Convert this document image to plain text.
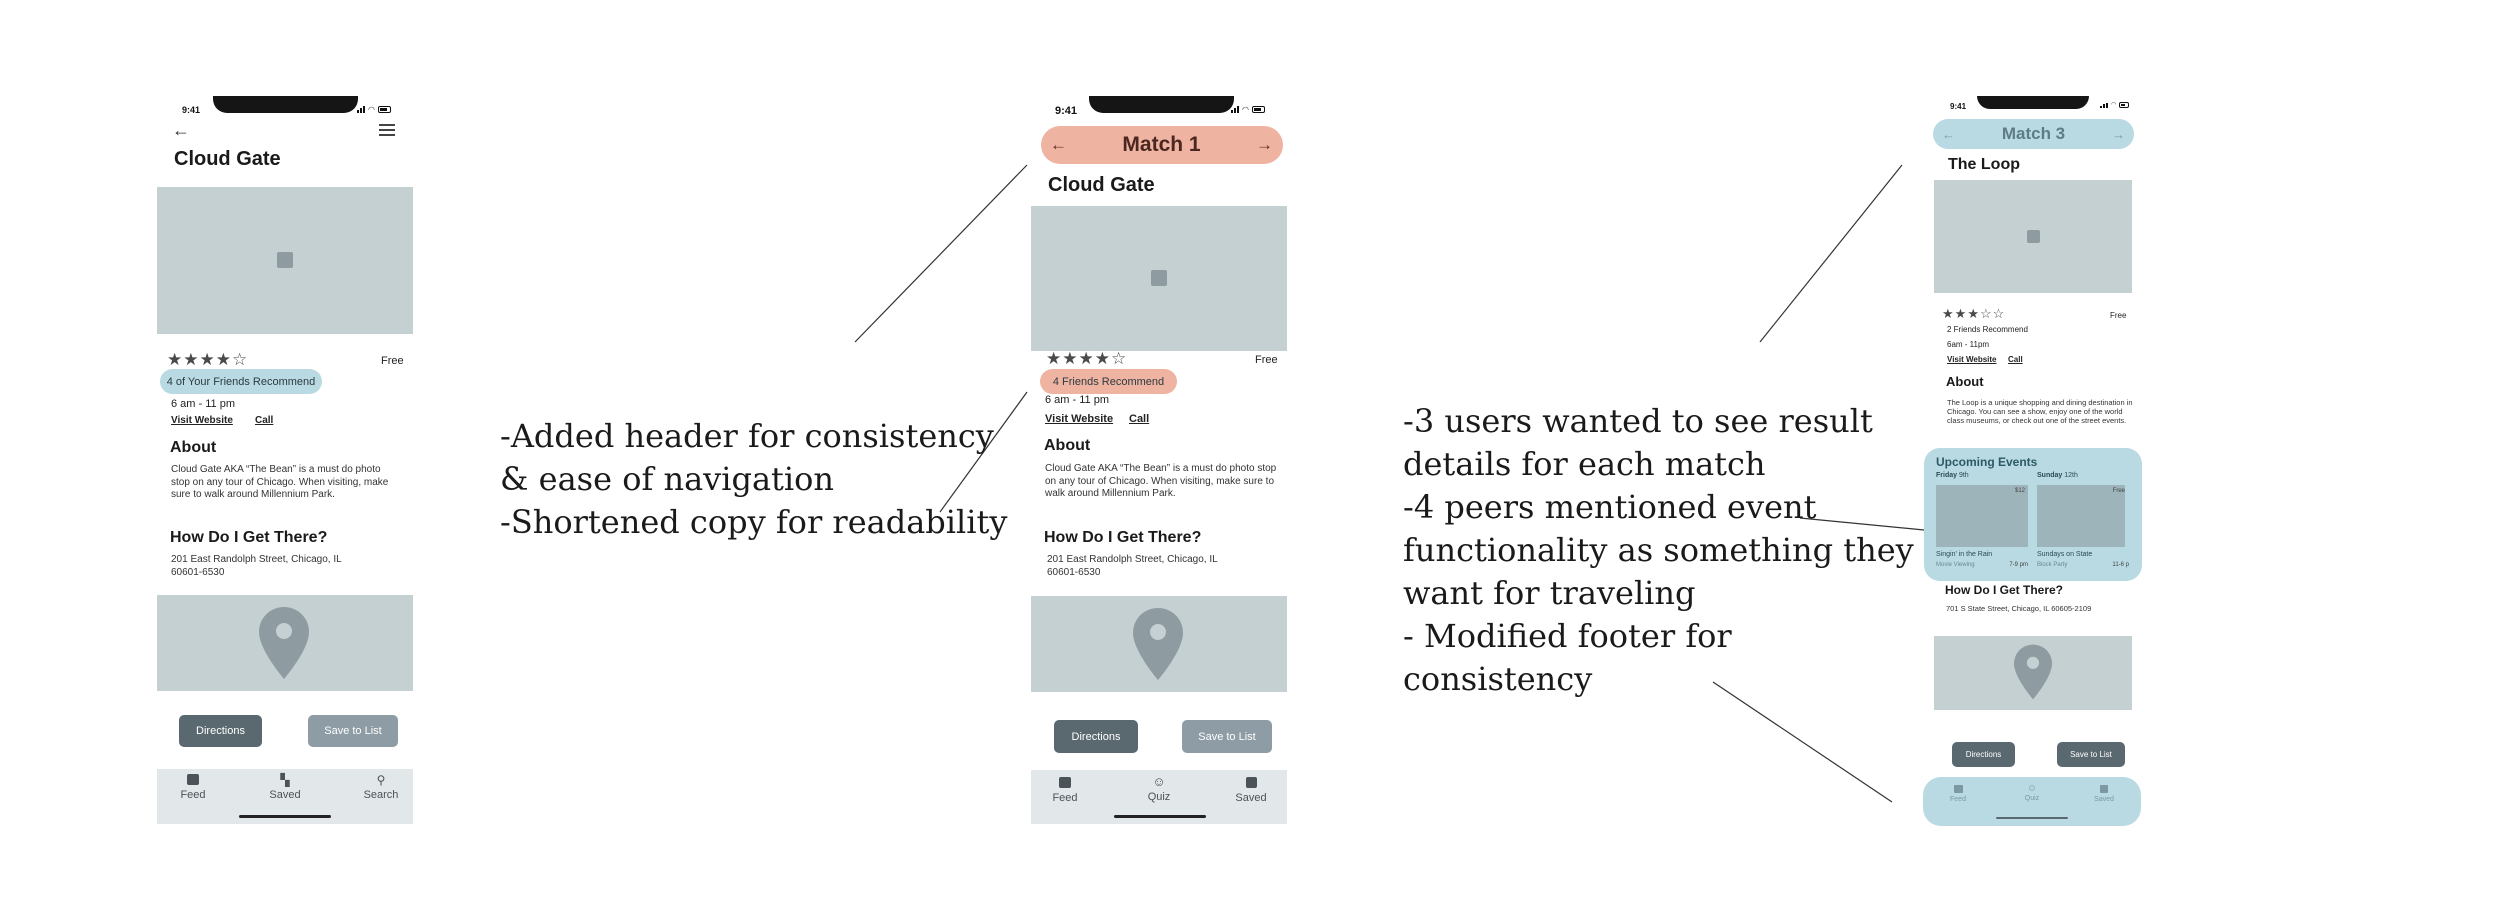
9:41	◠
←
Cloud Gate
★ ★ ★ ★ ☆	Free
4 of Your Friends Recommend
6 am - 11 pm
Visit Website Call
About
Cloud Gate AKA “The Bean” is a must do photo stop on any tour of Chicago. When visiting, make sure to walk around Millennium Park.
How Do I Get There?
201 East Randolph Street, Chicago, IL 60601-6530
Directions	Save to List
Feed
▚
Saved
⚲
Search
9:41	◠
←	Match 1	→
Cloud Gate
★ ★ ★ ★ ☆	Free
4 Friends Recommend
6 am - 11 pm
Visit Website Call
About
Cloud Gate AKA “The Bean” is a must do photo stop on any tour of Chicago. When visiting, make sure to walk around Millennium Park.
How Do I Get There?
201 East Randolph Street, Chicago, IL 60601-6530
Directions	Save to List
Feed
☺
Quiz	Saved
9:41	◠
←	Match 3	→
The Loop
★ ★ ★ ☆ ☆	Free
2 Friends Recommend
6am - 11pm
Visit Website Call
About
The Loop is a unique shopping and dining destination in Chicago. You can see a show, enjoy one of the world class museums, or check out one of the street events.
Upcoming Events
Friday 9th
$12
Singin' in the Rain
Movie Viewing	7-9 pm
Sunday 12th
Free
Sundays on State
Block Party	11-6 p
How Do I Get There?
701 S State Street, Chicago, IL 60605-2109
Directions	Save to List
Feed
☺
Quiz	Saved
-Added header for consistency
& ease of navigation
-Shortened copy for readability
-3 users wanted to see result
details for each match
-4 peers mentioned event
functionality as something they
want for traveling
- Modified footer for
consistency
